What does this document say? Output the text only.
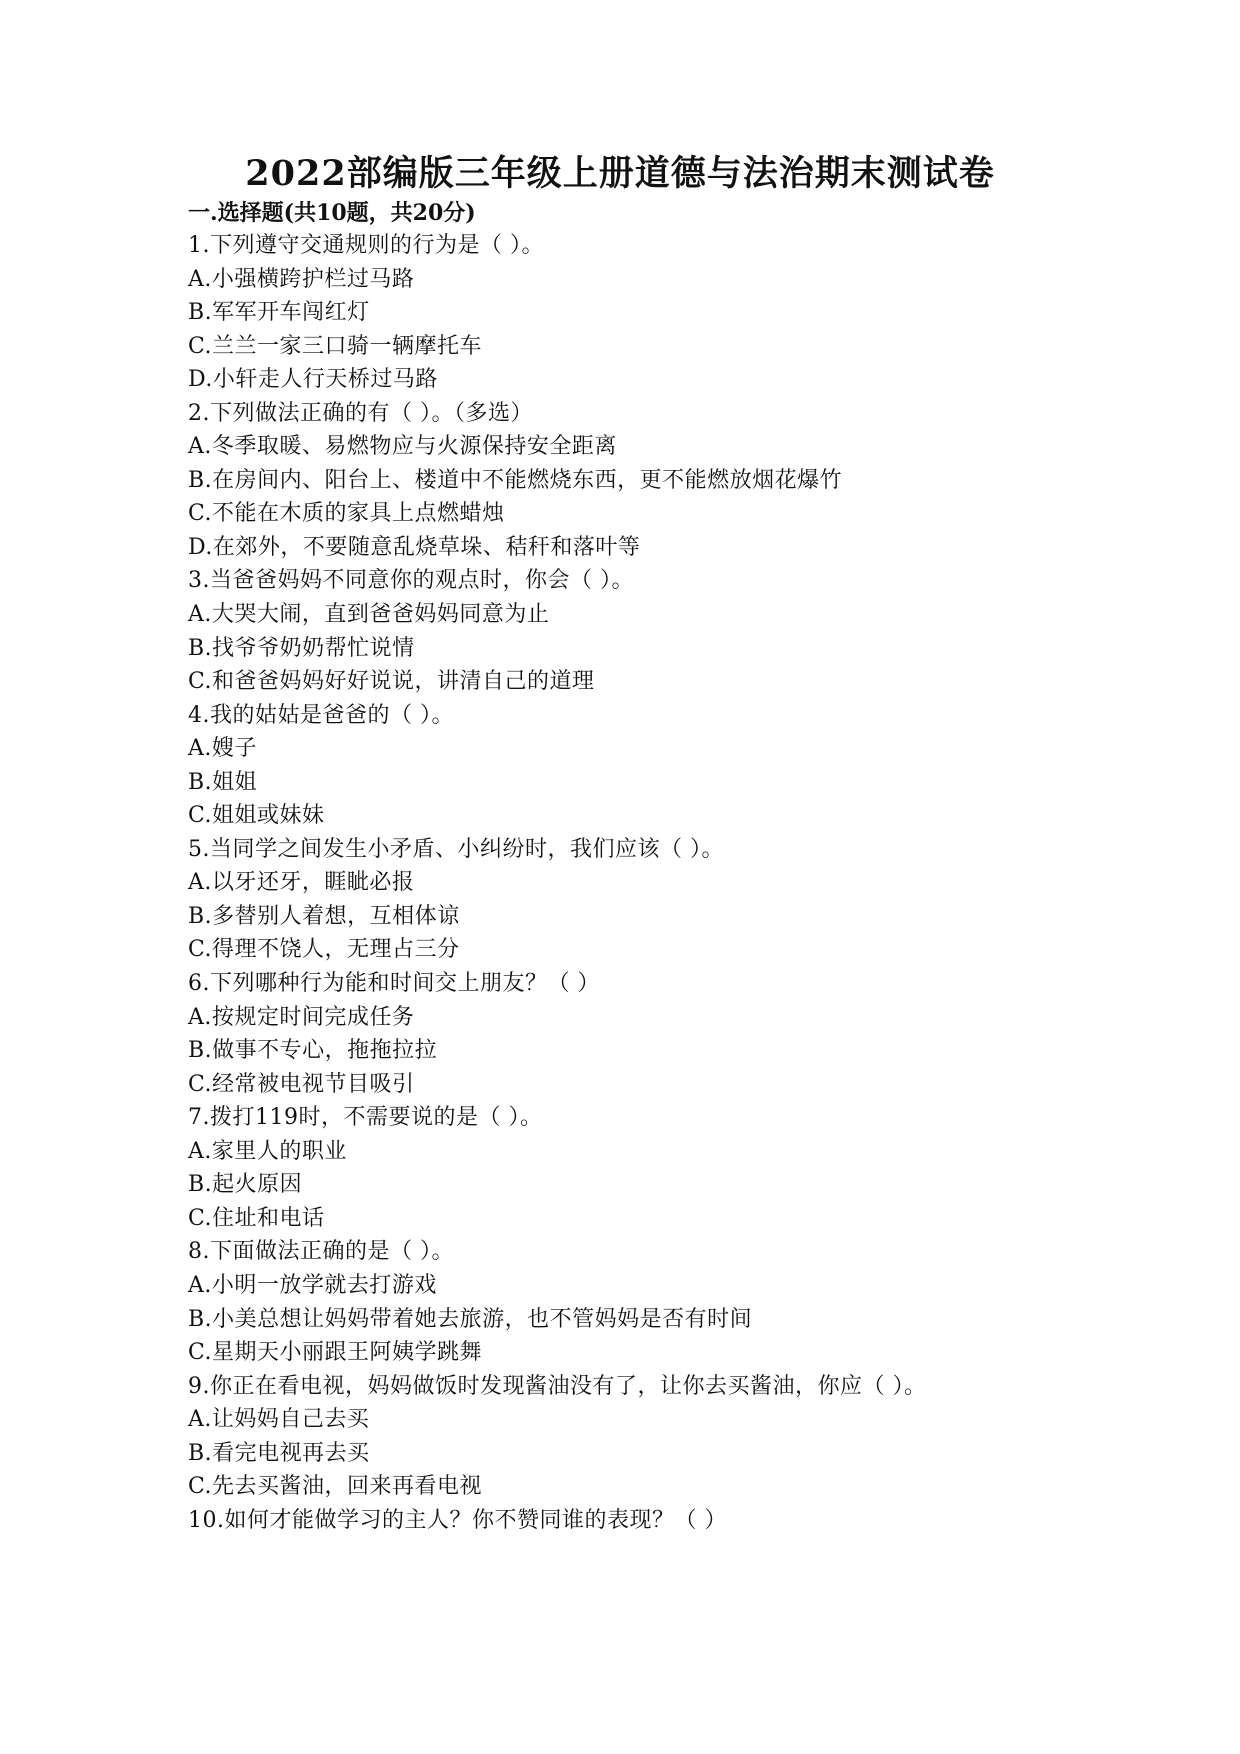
2022部编版三年级上册道德与法治期末测试卷
一.选择题(共10题，共20分)
1.下列遵守交通规则的行为是（ ）。
A.小强横跨护栏过马路
B.军军开车闯红灯
C.兰兰一家三口骑一辆摩托车
D.小轩走人行天桥过马路
2.下列做法正确的有（ ）。（多选）
A.冬季取暖、易燃物应与火源保持安全距离
B.在房间内、阳台上、楼道中不能燃烧东西，更不能燃放烟花爆竹
C.不能在木质的家具上点燃蜡烛
D.在郊外，不要随意乱烧草垛、秸秆和落叶等
3.当爸爸妈妈不同意你的观点时，你会（ ）。
A.大哭大闹，直到爸爸妈妈同意为止
B.找爷爷奶奶帮忙说情
C.和爸爸妈妈好好说说，讲清自己的道理
4.我的姑姑是爸爸的（ ）。
A.嫂子
B.姐姐
C.姐姐或妹妹
5.当同学之间发生小矛盾、小纠纷时，我们应该（ ）。
A.以牙还牙，睚眦必报
B.多替别人着想，互相体谅
C.得理不饶人，无理占三分
6.下列哪种行为能和时间交上朋友？（ ）
A.按规定时间完成任务
B.做事不专心，拖拖拉拉
C.经常被电视节目吸引
7.拨打119时，不需要说的是（ ）。
A.家里人的职业
B.起火原因
C.住址和电话
8.下面做法正确的是（ ）。
A.小明一放学就去打游戏
B.小美总想让妈妈带着她去旅游，也不管妈妈是否有时间
C.星期天小丽跟王阿姨学跳舞
9.你正在看电视，妈妈做饭时发现酱油没有了，让你去买酱油，你应（ ）。
A.让妈妈自己去买
B.看完电视再去买
C.先去买酱油，回来再看电视
10.如何才能做学习的主人？你不赞同谁的表现？（ ）
